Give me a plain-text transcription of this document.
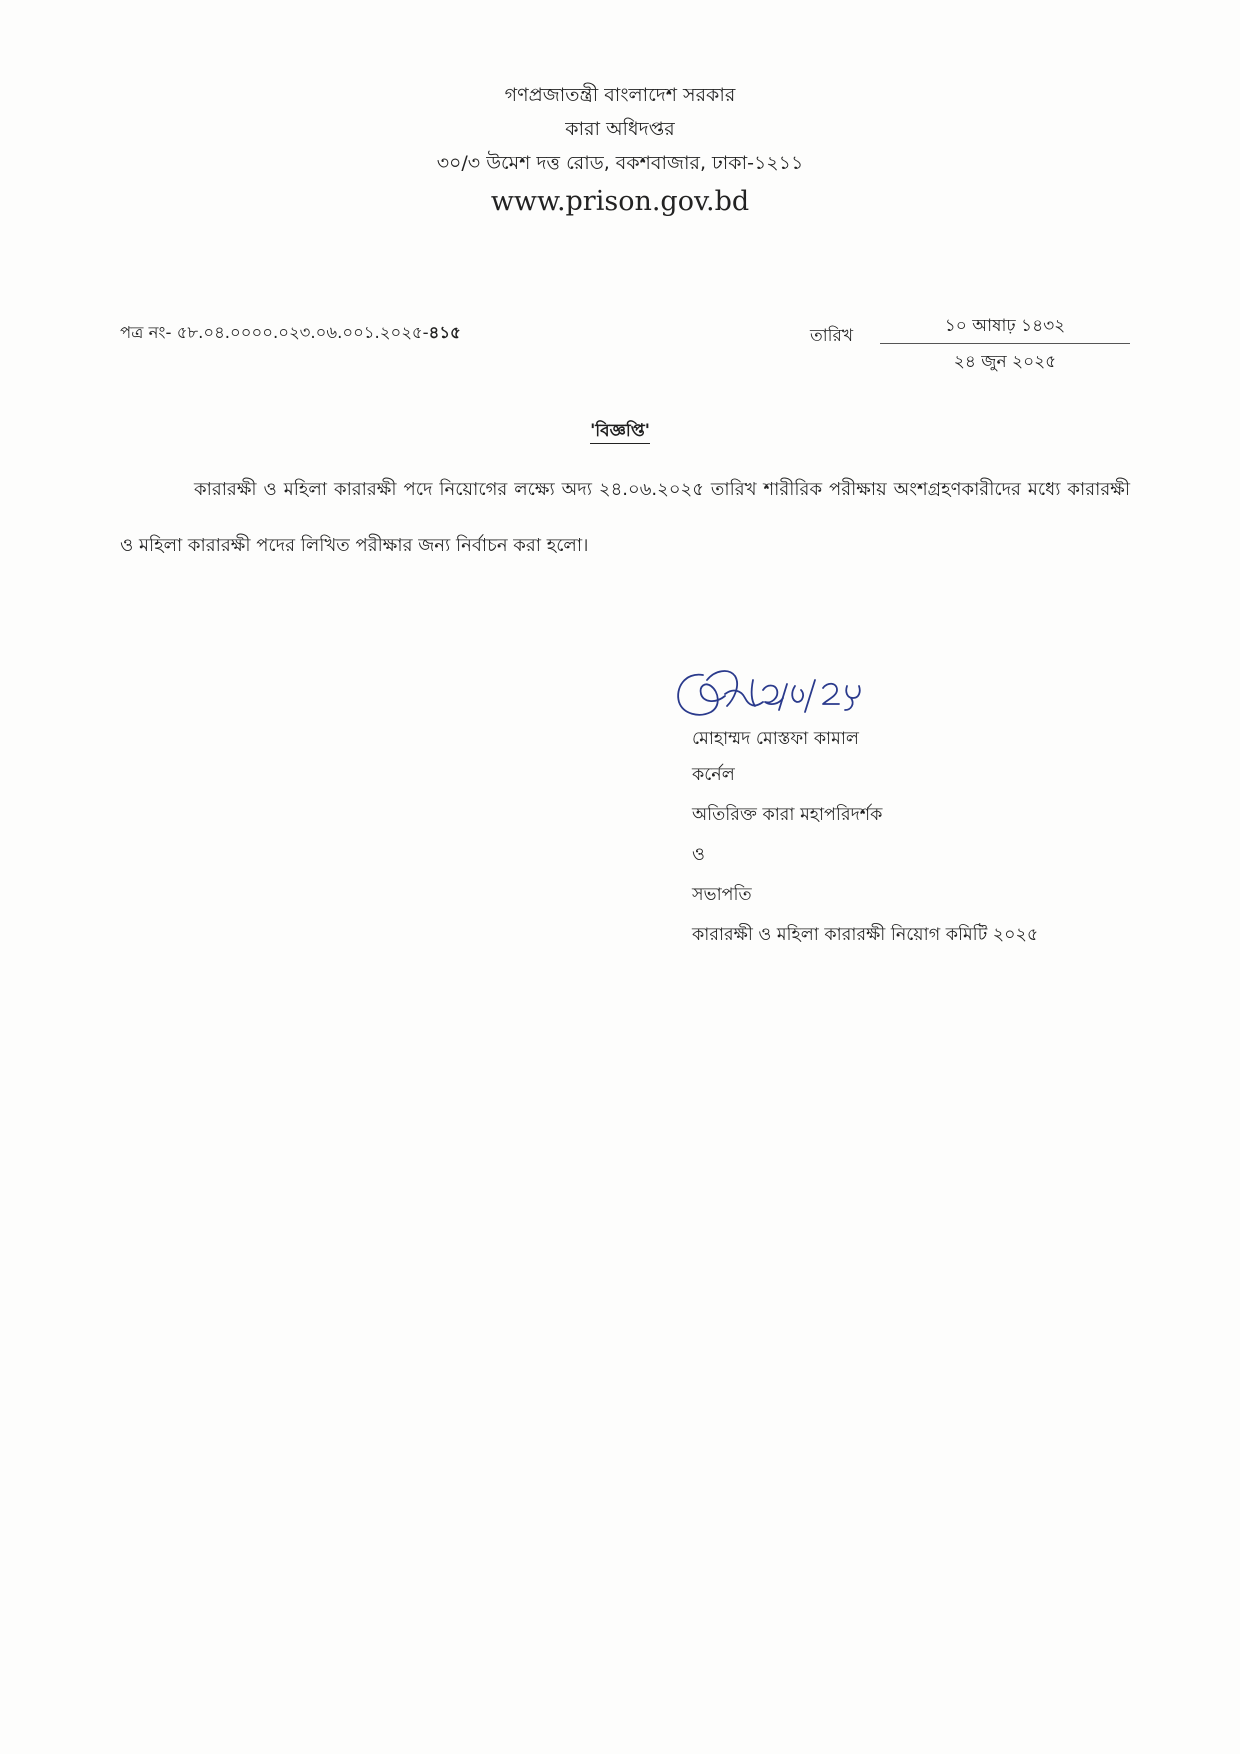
গণপ্রজাতন্ত্রী বাংলাদেশ সরকার
কারা অধিদপ্তর
৩০/৩ উমেশ দত্ত রোড, বকশবাজার, ঢাকা-১২১১
www.prison.gov.bd
পত্র নং- ৫৮.০৪.০০০০.০২৩.০৬.০০১.২০২৫-৪১৫	তারিখ	১০ আষাঢ় ১৪৩২
২৪ জুন ২০২৫
'বিজ্ঞপ্তি'
কারারক্ষী ও মহিলা কারারক্ষী পদে নিয়োগের লক্ষ্যে অদ্য ২৪.০৬.২০২৫ তারিখ শারীরিক পরীক্ষায় অংশগ্রহণকারীদের মধ্যে কারারক্ষী ও মহিলা কারারক্ষী পদের লিখিত পরীক্ষার জন্য নির্বাচন করা হলো।
মোহাম্মদ মোস্তফা কামাল
কর্নেল
অতিরিক্ত কারা মহাপরিদর্শক
ও
সভাপতি
কারারক্ষী ও মহিলা কারারক্ষী নিয়োগ কমিটি ২০২৫
